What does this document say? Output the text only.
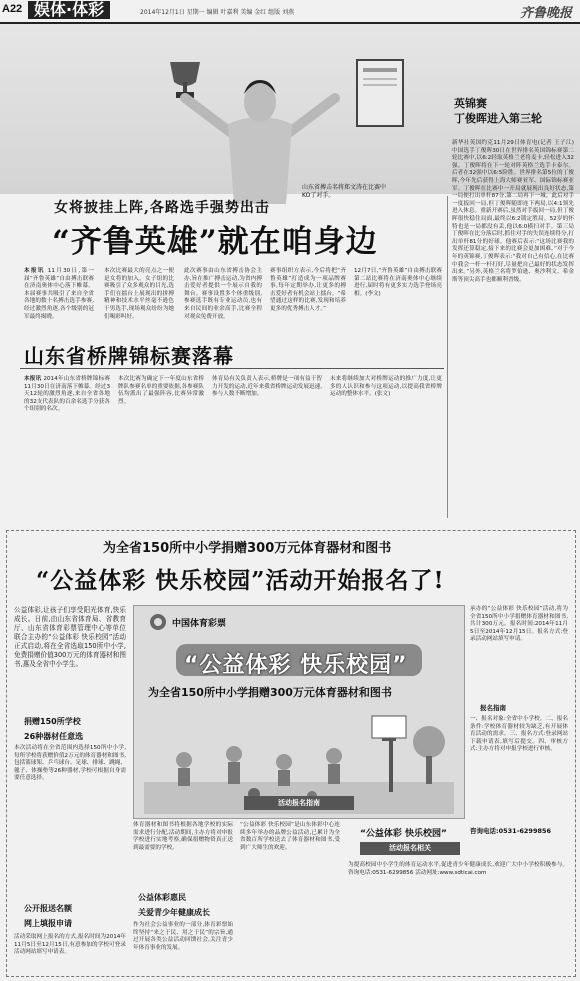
A22 娱体·体彩	2014年12月1日 星期一 编辑 叶嘉利 美编 金红 组版 刘燕	齐鲁晚报
山东省搏击名将郑文涛在比赛中KO了对手。
英锦赛
丁俊晖进入第三轮
新华社英国约克11月29日体育电(记者 王子江) 中国选手丁俊晖30日在世界排名英国锦标赛第二轮比赛中,以6:2轻取英格兰老将麦卡,轻松进入32强。丁俊晖将在下一轮对阵英格兰选手卡泰尔。后者在32强中以6:5险胜。世界排名第5位的丁俊晖,今年先后获得上海大师赛亚军、国际锦标赛亚军。丁俊晖在比赛中一开局就展现出良好状态,第一局便打出单杆87分,第二局再下一城。此后对手一度扳回一局,但丁俊晖随即连下两局,以4:1领先进入休息。重新开赛后,虽然对手扳回一局,但丁俊晖很快稳住局面,最终以6:2锁定胜局。52岁的怀特也是一局都没有丢,他以6:0横扫对手。第三局丁俊晖在比分落后时,抓住对手的失误连续得分,打出单杆81分的好球。他赛后表示:“这场比赛我的发挥还算稳定,接下来的比赛会更加困难。”对于今年的英锦赛,丁俊晖表示:“我对自己有信心,在比赛中我会一杆一杆打好,尽量把自己最好的状态发挥出来。”另外,英格兰名将罗伯逊、奥沙利文、希金斯等顶尖高手也都顺利晋级。
女将披挂上阵,各路选手强势出击
“齐鲁英雄”就在咱身边
本报讯 11月30日,第一届“齐鲁英雄”自由搏击联赛在济南奥体中心落下帷幕。本届赛事共吸引了来自全省各地的数十名搏击选手参赛,经过激烈角逐,各个级别的冠军最终揭晓。
本次比赛最大的亮点之一便是女将的加入。女子组的比赛吸引了众多观众的目光,选手们在擂台上展现出的拼搏精神和技术水平丝毫不逊色于男选手,现场观众纷纷为她们喝彩叫好。
此次赛事由山东省搏击协会主办,旨在推广搏击运动,为省内搏击爱好者提供一个展示自我的舞台。赛事设置多个体重级别,参赛选手既有专业运动员,也有来自民间的业余高手,比赛全程对观众免费开放。
赛事组织方表示,今后将把“齐鲁英雄”打造成为一项品牌赛事,每年定期举办,让更多的搏击爱好者有机会站上擂台。“希望通过这样的比赛,发现和培养更多的优秀搏击人才。”
12月7日,“齐鲁英雄”自由搏击联赛第二站比赛将在济南奥体中心继续进行,届时将有更多实力选手登场亮相。(李文)
山东省桥牌锦标赛落幕
本报讯 2014年山东省桥牌锦标赛11月30日在济南落下帷幕。经过3天12轮的激烈角逐,来自全省各地的32支代表队的百余名选手分获各个组别的名次。
本次比赛为确定下一年度山东省桥牌队参赛名单的重要依据,各参赛队伍均派出了最强阵容,比赛异常激烈。
体育局有关负责人表示,桥牌是一项有益于智力开发的运动,近年来我省桥牌运动发展迅速,参与人数不断增加。
未来将继续加大对桥牌运动的推广力度,让更多的人认识和参与这项运动,以提高我省桥牌运动的整体水平。(张文)
为全省150所中小学捐赠300万元体育器材和图书
“公益体彩 快乐校园”活动开始报名了!
公益体彩,让孩子们享受阳光体育,快乐成长。日前,由山东省体育局、省教育厅、山东省体育彩票管理中心等单位联合主办的“公益体彩 快乐校园”活动正式启动,将在全省选取150所中小学,免费捐赠价值300万元的体育器材和图书,惠及全省中小学生。
捐赠150所学校
26种器材任意选
本次活动将在全省范围内选择150所中小学,每所学校将获赠价值2万元的体育器材和图书,包括篮球架、乒乓球台、足球、排球、跳绳、毽子、体操垫等26种器材,学校可根据自身需要任意选择。
公开报送名额
网上填报申请
活动采取网上报名的方式,报名时间为2014年11月5日至12月15日,有意参加的学校可登录活动网站填写申请表。
中国体育彩票
“公益体彩 快乐校园”
为全省150所中小学捐赠300万元体育器材和图书
活动报名指南
体育器材和图书将根据各地学校的实际需求进行分配,活动期间,主办方将对申报学校进行实地考察,确保捐赠物资真正送到最需要的学校。
公益体彩惠民
关爱青少年健康成长
作为社会公益事业的一部分,体育彩票始终坚持“来之于民、用之于民”的宗旨,通过开展各类公益活动回馈社会,关注青少年体育事业的发展。
“公益体彩 快乐校园”是山东体彩中心连续多年举办的品牌公益活动,已累计为全省数百所学校送去了体育器材和图书,受到广大师生的欢迎。
承办的“公益体彩 快乐校园”活动,将为全省150所中小学捐赠体育器材和图书,共计300万元。报名时间:2014年11月5日至2014年12月15日。报名方式:登录活动网站填写申请。
报名指南
一、报名对象:全省中小学校。二、报名条件:学校体育器材较为缺乏,有开展体育活动的需求。三、报名方式:登录网站下载申请表,填写后提交。四、审核方式:主办方将对申报学校进行审核。
“公益体彩 快乐校园”
活动报名相关
为提高校园中小学生的体育运动水平,促进青少年健康成长,欢迎广大中小学校积极参与。咨询电话:0531-6299856 活动网址:www.sdticai.com
咨询电话:0531-6299856
